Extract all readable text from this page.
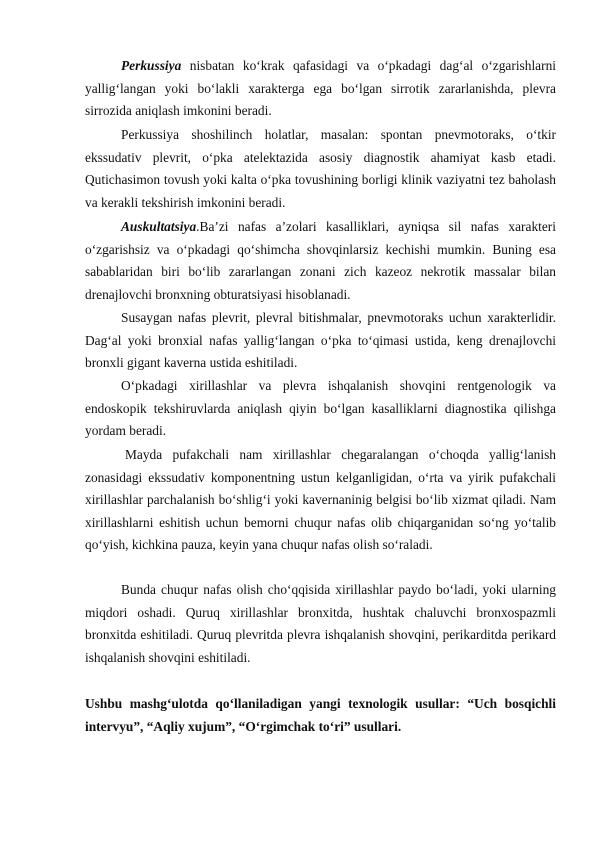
Perkussiya nisbatan ko‘krak qafasidagi va o‘pkadagi dag‘al o‘zgarishlarni yallig‘langan yoki bo‘lakli xarakterga ega bo‘lgan sirrotik zararlanishda, plevra sirrozida aniqlash imkonini beradi.

Perkussiya shoshilinch holatlar, masalan: spontan pnevmotoraks, o‘tkir ekssudativ plevrit, o‘pka atelektazida asosiy diagnostik ahamiyat kasb etadi. Qutichasimon tovush yoki kalta o‘pka tovushining borligi klinik vaziyatni tez baholash va kerakli tekshirish imkonini beradi.

Auskultatsiya.Ba’zi nafas a’zolari kasalliklari, ayniqsa sil nafas xarakteri o‘zgarishsiz va o‘pkadagi qo‘shimcha shovqinlarsiz kechishi mumkin. Buning esa sabablaridan biri bo‘lib zararlangan zonani zich kazeoz nekrotik massalar bilan drenajlovchi bronxning obturatsiyasi hisoblanadi.

Susaygan nafas plevrit, plevral bitishmalar, pnevmotoraks uchun xarakterlidir. Dag‘al yoki bronxial nafas yallig‘langan o‘pka to‘qimasi ustida, keng drenajlovchi bronxli gigant kaverna ustida eshitiladi.

O‘pkadagi xirillashlar va plevra ishqalanish shovqini rentgenologik va endoskopik tekshiruvlarda aniqlash qiyin bo‘lgan kasalliklarni diagnostika qilishga yordam beradi.

Mayda pufakchali nam xirillashlar chegaralangan o‘choqda yallig‘lanish zonasidagi ekssudativ komponentning ustun kelganligidan, o‘rta va yirik pufakchali xirillashlar parchalanish bo‘shlig‘i yoki kavernaninig belgisi bo‘lib xizmat qiladi. Nam xirillashlarni eshitish uchun bemorni chuqur nafas olib chiqarganidan so‘ng yo‘talib qo‘yish, kichkina pauza, keyin yana chuqur nafas olish so‘raladi.

Bunda chuqur nafas olish cho‘qqisida xirillashlar paydo bo‘ladi, yoki ularning miqdori oshadi. Quruq xirillashlar bronxitda, hushtak chaluvchi bronxospazmli bronxitda eshitiladi. Quruq plevritda plevra ishqalanish shovqini, perikarditda perikard ishqalanish shovqini eshitiladi.

Ushbu mashg‘ulotda qo‘llaniladigan yangi texnologik usullar: “Uch bosqichli intervyu”, “Aqliy xujum”, “O‘rgimchak to‘ri” usullari.
